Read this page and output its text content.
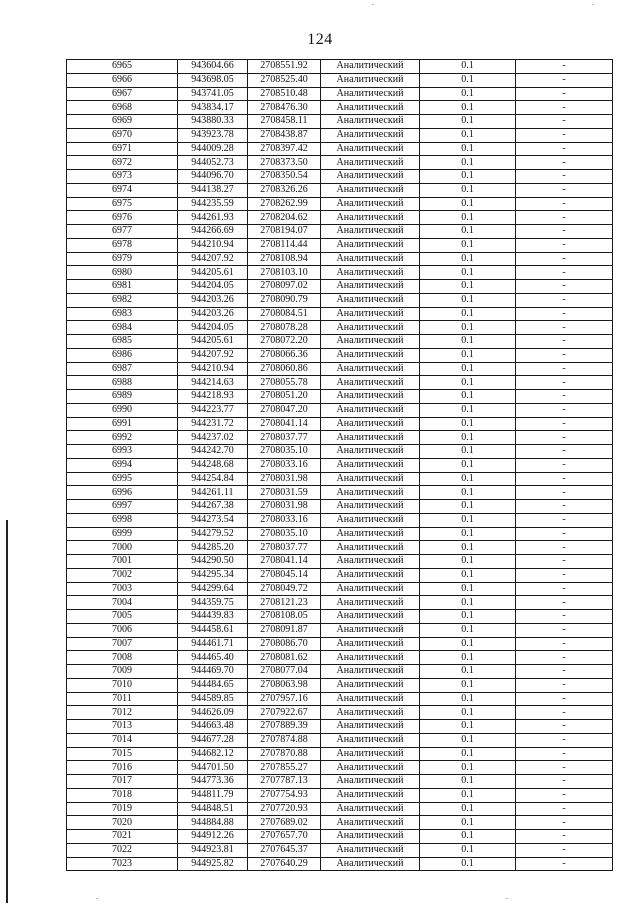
124
6965	943604.66	2708551.92	Аналитический	0.1	-
6966	943698.05	2708525.40	Аналитический	0.1	-
6967	943741.05	2708510.48	Аналитический	0.1	-
6968	943834.17	2708476.30	Аналитический	0.1	-
6969	943880.33	2708458.11	Аналитический	0.1	-
6970	943923.78	2708438.87	Аналитический	0.1	-
6971	944009.28	2708397.42	Аналитический	0.1	-
6972	944052.73	2708373.50	Аналитический	0.1	-
6973	944096.70	2708350.54	Аналитический	0.1	-
6974	944138.27	2708326.26	Аналитический	0.1	-
6975	944235.59	2708262.99	Аналитический	0.1	-
6976	944261.93	2708204.62	Аналитический	0.1	-
6977	944266.69	2708194.07	Аналитический	0.1	-
6978	944210.94	2708114.44	Аналитический	0.1	-
6979	944207.92	2708108.94	Аналитический	0.1	-
6980	944205.61	2708103.10	Аналитический	0.1	-
6981	944204.05	2708097.02	Аналитический	0.1	-
6982	944203.26	2708090.79	Аналитический	0.1	-
6983	944203.26	2708084.51	Аналитический	0.1	-
6984	944204.05	2708078.28	Аналитический	0.1	-
6985	944205.61	2708072.20	Аналитический	0.1	-
6986	944207.92	2708066.36	Аналитический	0.1	-
6987	944210.94	2708060.86	Аналитический	0.1	-
6988	944214.63	2708055.78	Аналитический	0.1	-
6989	944218.93	2708051.20	Аналитический	0.1	-
6990	944223.77	2708047.20	Аналитический	0.1	-
6991	944231.72	2708041.14	Аналитический	0.1	-
6992	944237.02	2708037.77	Аналитический	0.1	-
6993	944242.70	2708035.10	Аналитический	0.1	-
6994	944248.68	2708033.16	Аналитический	0.1	-
6995	944254.84	2708031.98	Аналитический	0.1	-
6996	944261.11	2708031.59	Аналитический	0.1	-
6997	944267.38	2708031.98	Аналитический	0.1	-
6998	944273.54	2708033.16	Аналитический	0.1	-
6999	944279.52	2708035.10	Аналитический	0.1	-
7000	944285.20	2708037.77	Аналитический	0.1	-
7001	944290.50	2708041.14	Аналитический	0.1	-
7002	944295.34	2708045.14	Аналитический	0.1	-
7003	944299.64	2708049.72	Аналитический	0.1	-
7004	944359.75	2708121.23	Аналитический	0.1	-
7005	944439.83	2708108.05	Аналитический	0.1	-
7006	944458.61	2708091.87	Аналитический	0.1	-
7007	944461.71	2708086.70	Аналитический	0.1	-
7008	944465.40	2708081.62	Аналитический	0.1	-
7009	944469.70	2708077.04	Аналитический	0.1	-
7010	944484.65	2708063.98	Аналитический	0.1	-
7011	944589.85	2707957.16	Аналитический	0.1	-
7012	944626.09	2707922.67	Аналитический	0.1	-
7013	944663.48	2707889.39	Аналитический	0.1	-
7014	944677.28	2707874.88	Аналитический	0.1	-
7015	944682.12	2707870.88	Аналитический	0.1	-
7016	944701.50	2707855.27	Аналитический	0.1	-
7017	944773.36	2707787.13	Аналитический	0.1	-
7018	944811.79	2707754.93	Аналитический	0.1	-
7019	944848.51	2707720.93	Аналитический	0.1	-
7020	944884.88	2707689.02	Аналитический	0.1	-
7021	944912.26	2707657.70	Аналитический	0.1	-
7022	944923.81	2707645.37	Аналитический	0.1	-
7023	944925.82	2707640.29	Аналитический	0.1	-
